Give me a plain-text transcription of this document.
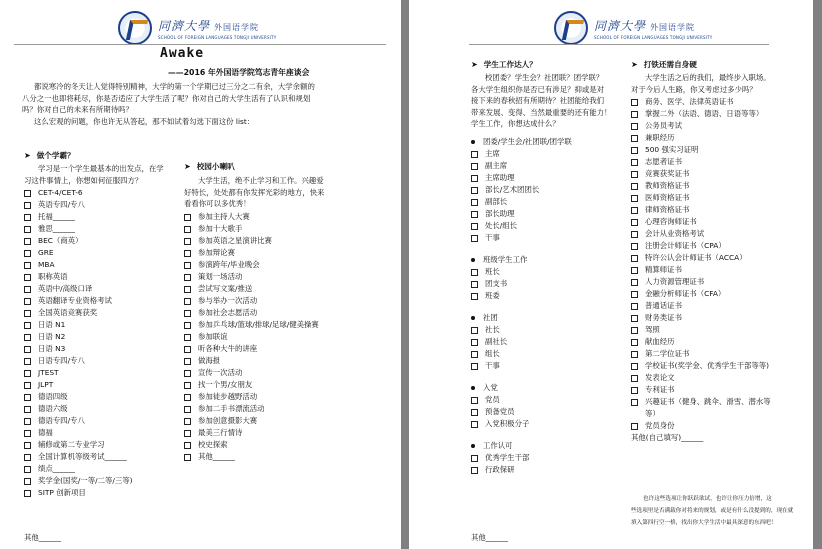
同濟大學 外国语学院
SCHOOL OF FOREIGN LANGUAGES TONGJI UNIVERSITY
Awake
——2016 年外国语学院笃志青年座谈会

都说寒冷的冬天让人觉得特别精神，大学的第一个学期已过三分之二有余，大学余额的

八分之一也即将耗尽，你是否适应了大学生活了呢？你对自己的大学生活有了认识和规划

吗？你对自己的未来有所期待吗？

这么宏观的问题，你也许无从答起，那不如试着勾选下面这份 list：

➤ 做个学霸？

学习是一个学生最基本的出发点，在学

习这件事情上，你想如何征服四方？

CET-4/CET-6
英语专四/专八
托福______
雅思______
BEC（商英）
GRE
MBA
职称英语
英语中/高级口译
英语翻译专业资格考试
全国英语竞赛获奖
日语 N1
日语 N2
日语 N3
日语专四/专八
JTEST
JLPT
德语四级
德语六级
德语专四/专八
德福
辅修或第二专业学习
全国计算机等级考试______
绩点______
奖学金(国奖/一等/二等/三等)
SITP 创新项目
其他______
➤ 校园小喇叭

大学生活，绝不止学习和工作。兴趣爱

好特长，处处都有你发挥光彩的地方，快来

看看你可以多优秀！

参加主持人大赛
参加十大歌手
参加英语之星演讲比赛
参加辩论赛
参演跨年/毕业晚会
策划一场活动
尝试写文案/推送
参与举办一次活动
参加社会志愿活动
参加乒乓球/篮球/排球/足球/健美操赛
参加联谊
听各种大牛的讲座
做海报
宣传一次活动
找一个男/女朋友
参加徒步越野活动
参加二手书漂流活动
参加创意摄影大赛
最美三行情诗
校史探索
其他______
同濟大學 外国语学院
SCHOOL OF FOREIGN LANGUAGES TONGJI UNIVERSITY
➤ 学生工作达人？

校团委？学生会？社团联？团学联？

各大学生组织你是否已有涉足？抑或是对

接下来的春秋招有所期待？社团能给我们

带来发展、变得、当然最重要的还有能力！

学生工作，你想达成什么？

团委/学生会/社团联/团学联
主席
副主席
主席助理
部长/艺术团团长
副部长
部长助理
处长/组长
干事
班级学生工作
班长
团支书
班委
社团
社长
副社长
组长
干事
入党
党员
预备党员
入党积极分子
工作认可
优秀学生干部
行政保研
其他______
➤ 打铁还需自身硬

大学生活之后的我们，最终步入职场。

对于今后人生路，你又考虑过多少吗？

商务、医学、法律英语证书
掌握二外（法语、德语、日语等等）
公务员考试
兼职经历
500 强实习证明
志愿者证书
竞赛获奖证书
教师资格证书
医师资格证书
律师资格证书
心理咨询师证书
会计从业资格考试
注册会计师证书（CPA）
特许公认会计师证书（ACCA）
精算师证书
人力资源管理证书
金融分析师证书（CFA）
普通话证书
财务类证书
驾照
献血经历
第二学位证书
学校证书(奖学金、优秀学生干部等等)
发表论文
专利证书
兴趣证书（健身、跳伞、滑雪、潜水等
等）
党员身份
其他(自己填写)______

也许这些选项让你跃跃欲试，也许让你压力倍增，这

些选项里是否满载你对将来的规划，或是有什么没提到的，现在就

填入第四行空一格，找出你大学生活中最具深意的东西吧！
